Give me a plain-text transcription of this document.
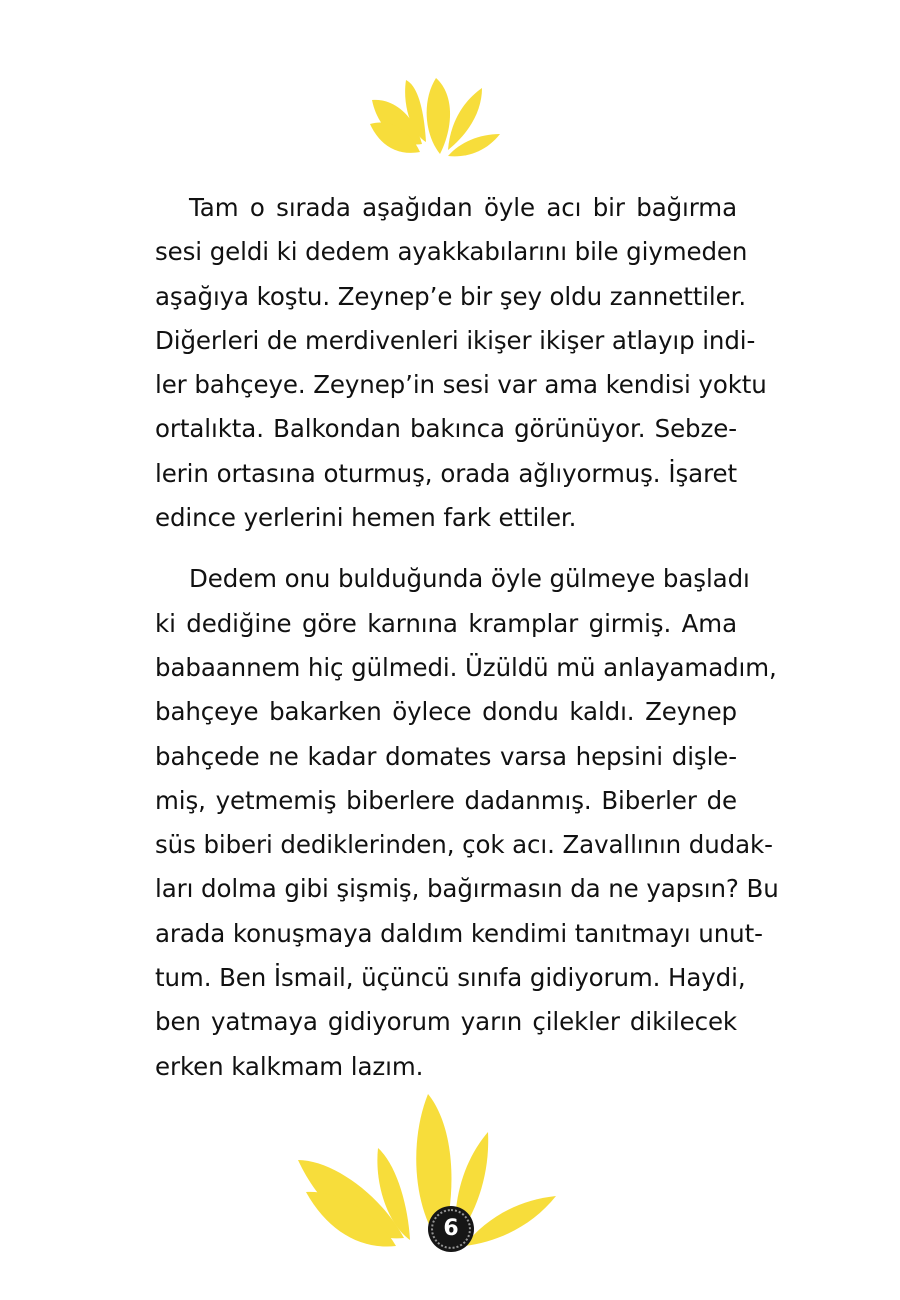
Tam o sırada aşağıdan öyle acı bir bağırma
sesi geldi ki dedem ayakkabılarını bile giymeden
aşağıya koştu. Zeynep’e bir şey oldu zannettiler.
Diğerleri de merdivenleri ikişer ikişer atlayıp indi-
ler bahçeye. Zeynep’in sesi var ama kendisi yoktu
ortalıkta. Balkondan bakınca görünüyor. Sebze-
lerin ortasına oturmuş, orada ağlıyormuş. İşaret
edince yerlerini hemen fark ettiler.

Dedem onu bulduğunda öyle gülmeye başladı
ki dediğine göre karnına kramplar girmiş. Ama
babaannem hiç gülmedi. Üzüldü mü anlayamadım,
bahçeye bakarken öylece dondu kaldı. Zeynep
bahçede ne kadar domates varsa hepsini dişle-
miş, yetmemiş biberlere dadanmış. Biberler de
süs biberi dediklerinden, çok acı. Zavallının dudak-
ları dolma gibi şişmiş, bağırmasın da ne yapsın? Bu
arada konuşmaya daldım kendimi tanıtmayı unut-
tum. Ben İsmail, üçüncü sınıfa gidiyorum. Haydi,
ben yatmaya gidiyorum yarın çilekler dikilecek
erken kalkmam lazım.

6
